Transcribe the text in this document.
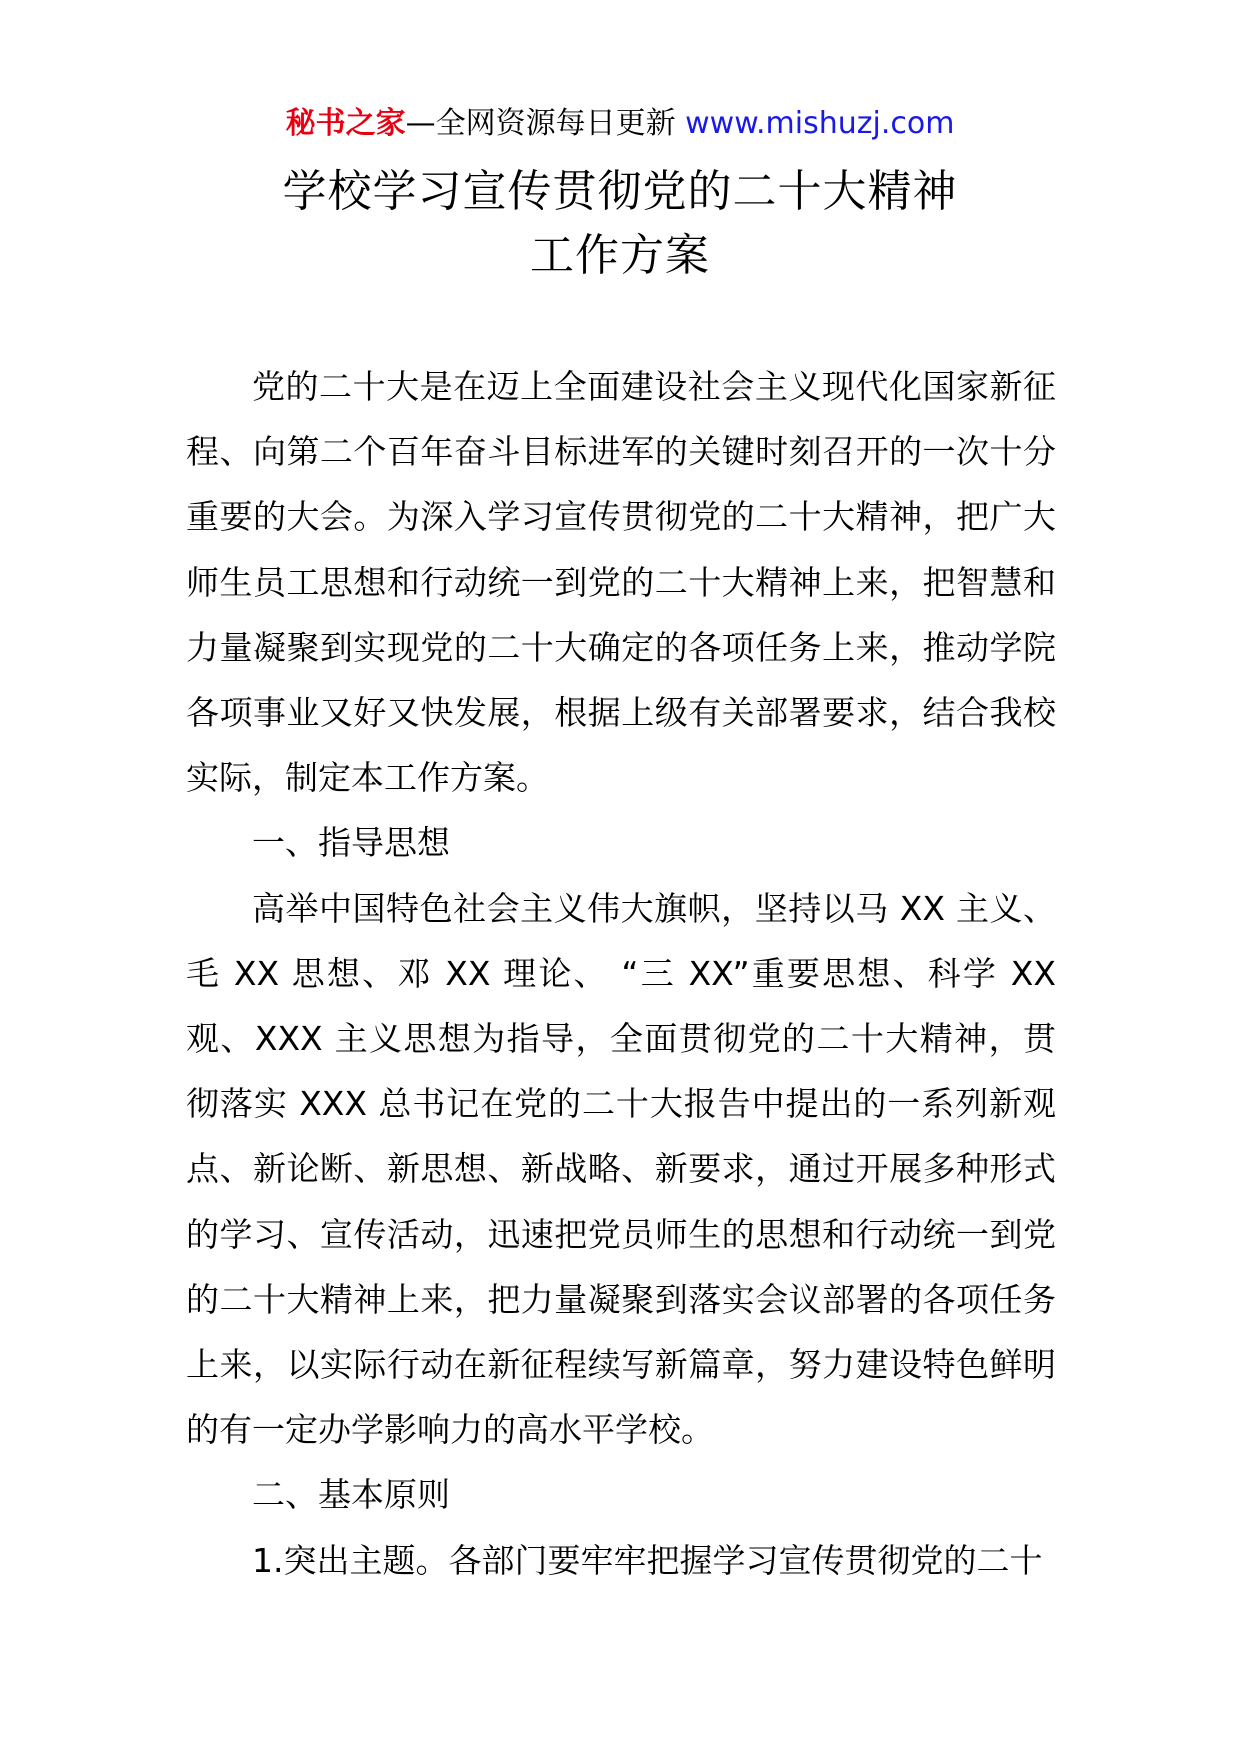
秘书之家—全网资源每日更新 www.mishuzj.com
学校学习宣传贯彻党的二十大精神
工作方案

党的二十大是在迈上全面建设社会主义现代化国家新征程、向第二个百年奋斗目标进军的关键时刻召开的一次十分重要的大会。为深入学习宣传贯彻党的二十大精神，把广大师生员工思想和行动统一到党的二十大精神上来，把智慧和力量凝聚到实现党的二十大确定的各项任务上来，推动学院各项事业又好又快发展，根据上级有关部署要求，结合我校实际，制定本工作方案。

一、指导思想

高举中国特色社会主义伟大旗帜，坚持以马 XX 主义、毛 XX 思想、邓 XX 理论、 “三 XX”重要思想、科学 XX 观、XXX 主义思想为指导，全面贯彻党的二十大精神，贯彻落实 XXX 总书记在党的二十大报告中提出的一系列新观点、新论断、新思想、新战略、新要求，通过开展多种形式的学习、宣传活动，迅速把党员师生的思想和行动统一到党的二十大精神上来，把力量凝聚到落实会议部署的各项任务上来，以实际行动在新征程续写新篇章，努力建设特色鲜明的有一定办学影响力的高水平学校。

二、基本原则

1.突出主题。各部门要牢牢把握学习宣传贯彻党的二十
